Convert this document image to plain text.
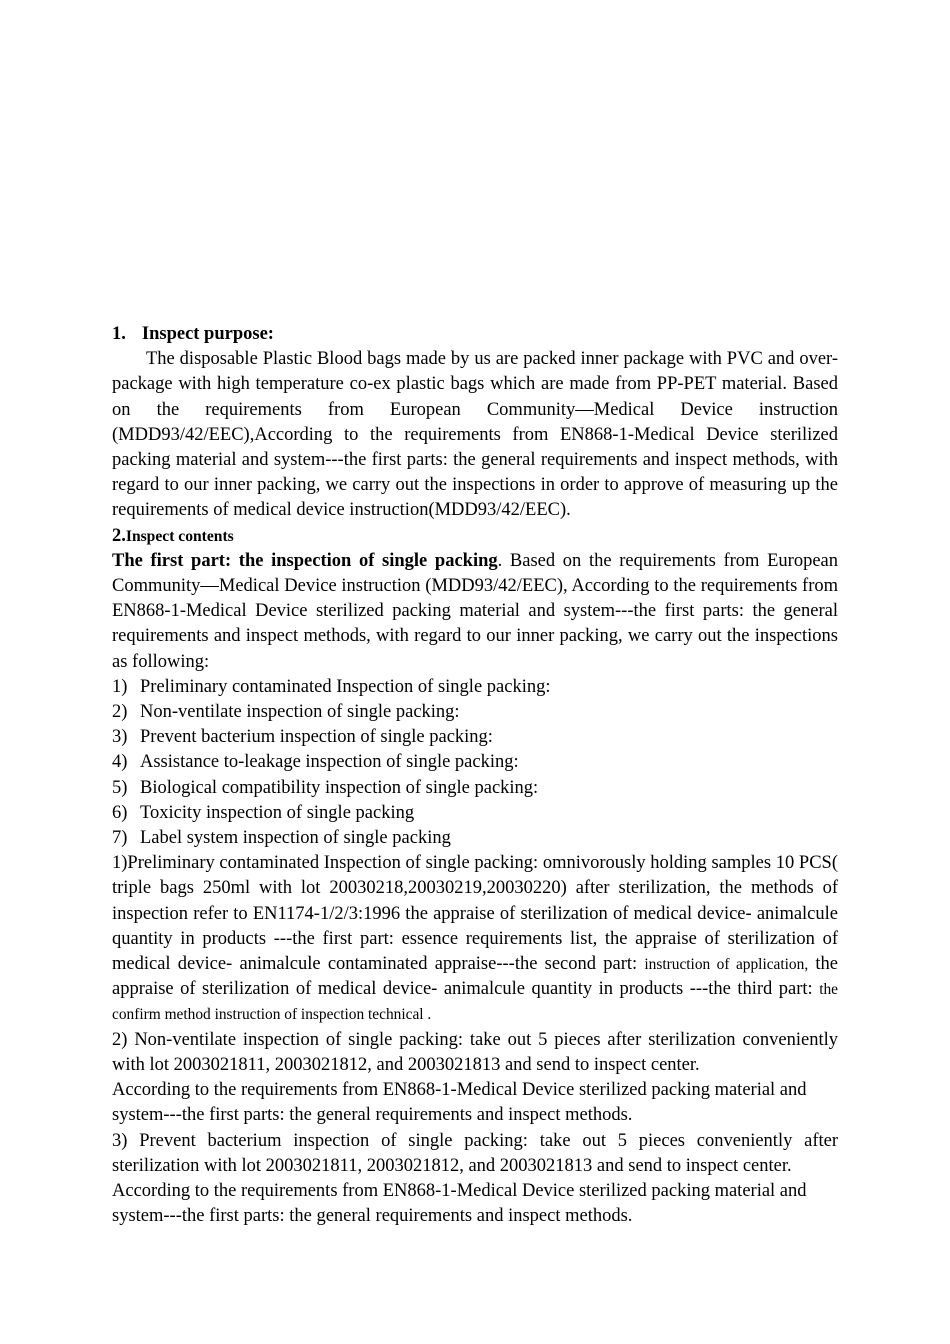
1. Inspect purpose:

The disposable Plastic Blood bags made by us are packed inner package with PVC and over-package with high temperature co-ex plastic bags which are made from PP-PET material. Based on the requirements from European Community—Medical Device instruction (MDD93/42/EEC),According to the requirements from EN868-1-Medical Device sterilized packing material and system---the first parts: the general requirements and inspect methods, with regard to our inner packing, we carry out the inspections in order to approve of measuring up the requirements of medical device instruction(MDD93/42/EEC).

2.Inspect contents

The first part: the inspection of single packing. Based on the requirements from European Community—Medical Device instruction (MDD93/42/EEC), According to the requirements from EN868-1-Medical Device sterilized packing material and system---the first parts: the general requirements and inspect methods, with regard to our inner packing, we carry out the inspections as following:

1) Preliminary contaminated Inspection of single packing:
2) Non-ventilate inspection of single packing:
3) Prevent bacterium inspection of single packing:
4) Assistance to-leakage inspection of single packing:
5) Biological compatibility inspection of single packing:
6) Toxicity inspection of single packing
7) Label system inspection of single packing

1)Preliminary contaminated Inspection of single packing: omnivorously holding samples 10 PCS( triple bags 250ml with lot 20030218,20030219,20030220) after sterilization, the methods of inspection refer to EN1174-1/2/3:1996 the appraise of sterilization of medical device- animalcule quantity in products ---the first part: essence requirements list, the appraise of sterilization of medical device- animalcule contaminated appraise---the second part: instruction of application, the appraise of sterilization of medical device- animalcule quantity in products ---the third part: the confirm method instruction of inspection technical .

2) Non-ventilate inspection of single packing: take out 5 pieces after sterilization conveniently with lot 2003021811, 2003021812, and 2003021813 and send to inspect center.

According to the requirements from EN868-1-Medical Device sterilized packing material and system---the first parts: the general requirements and inspect methods.

3) Prevent bacterium inspection of single packing: take out 5 pieces conveniently after sterilization with lot 2003021811, 2003021812, and 2003021813 and send to inspect center.

According to the requirements from EN868-1-Medical Device sterilized packing material and system---the first parts: the general requirements and inspect methods.
